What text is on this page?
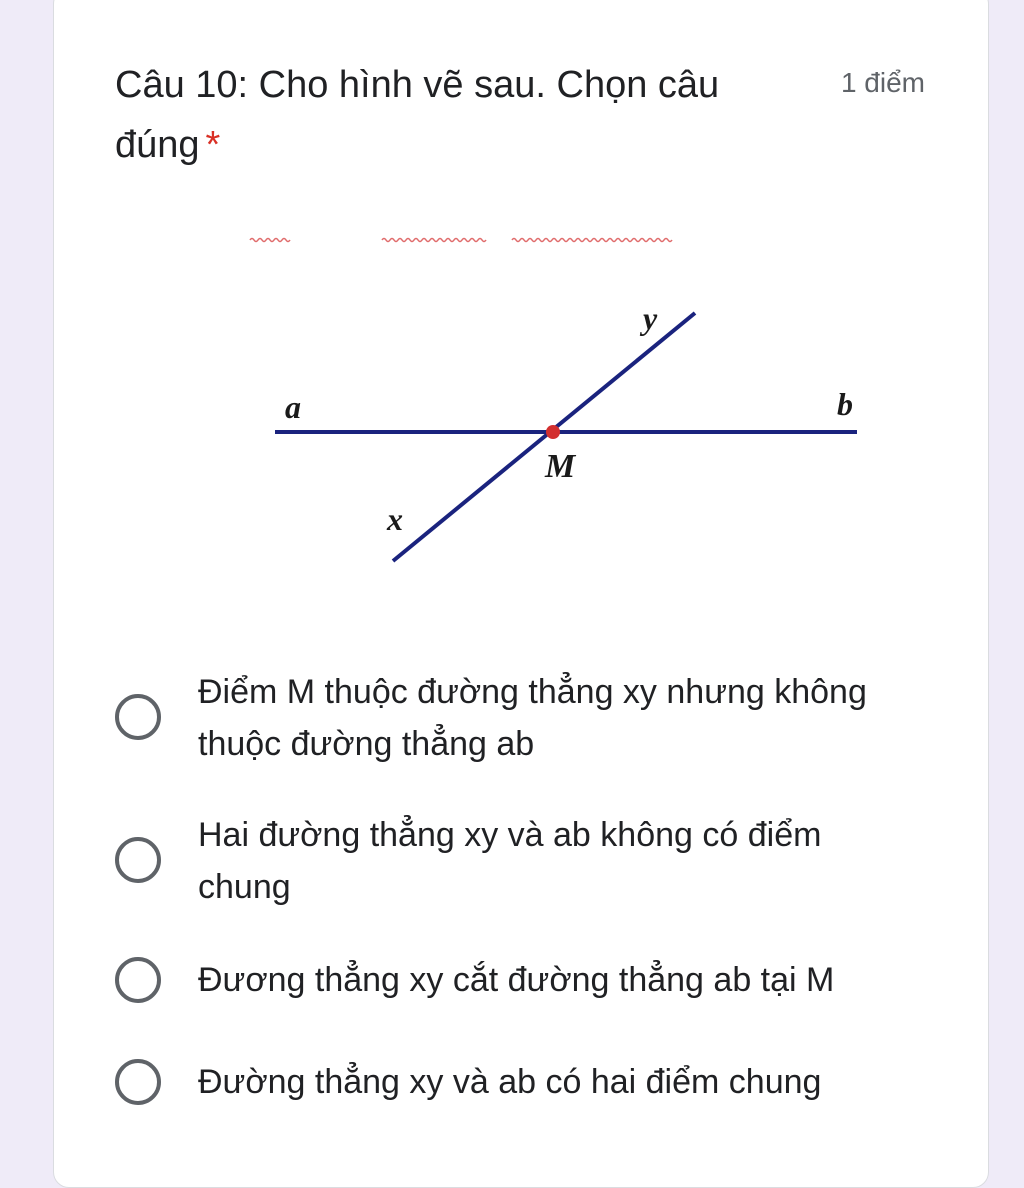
Câu 10: Cho hình vẽ sau. Chọn câu đúng *
1 điểm
a	b
y
x
M
Điểm M thuộc đường thẳng xy nhưng không thuộc đường thẳng ab
Hai đường thẳng xy và ab không có điểm chung
Đương thẳng xy cắt đường thẳng ab tại M
Đường thẳng xy và ab có hai điểm chung
